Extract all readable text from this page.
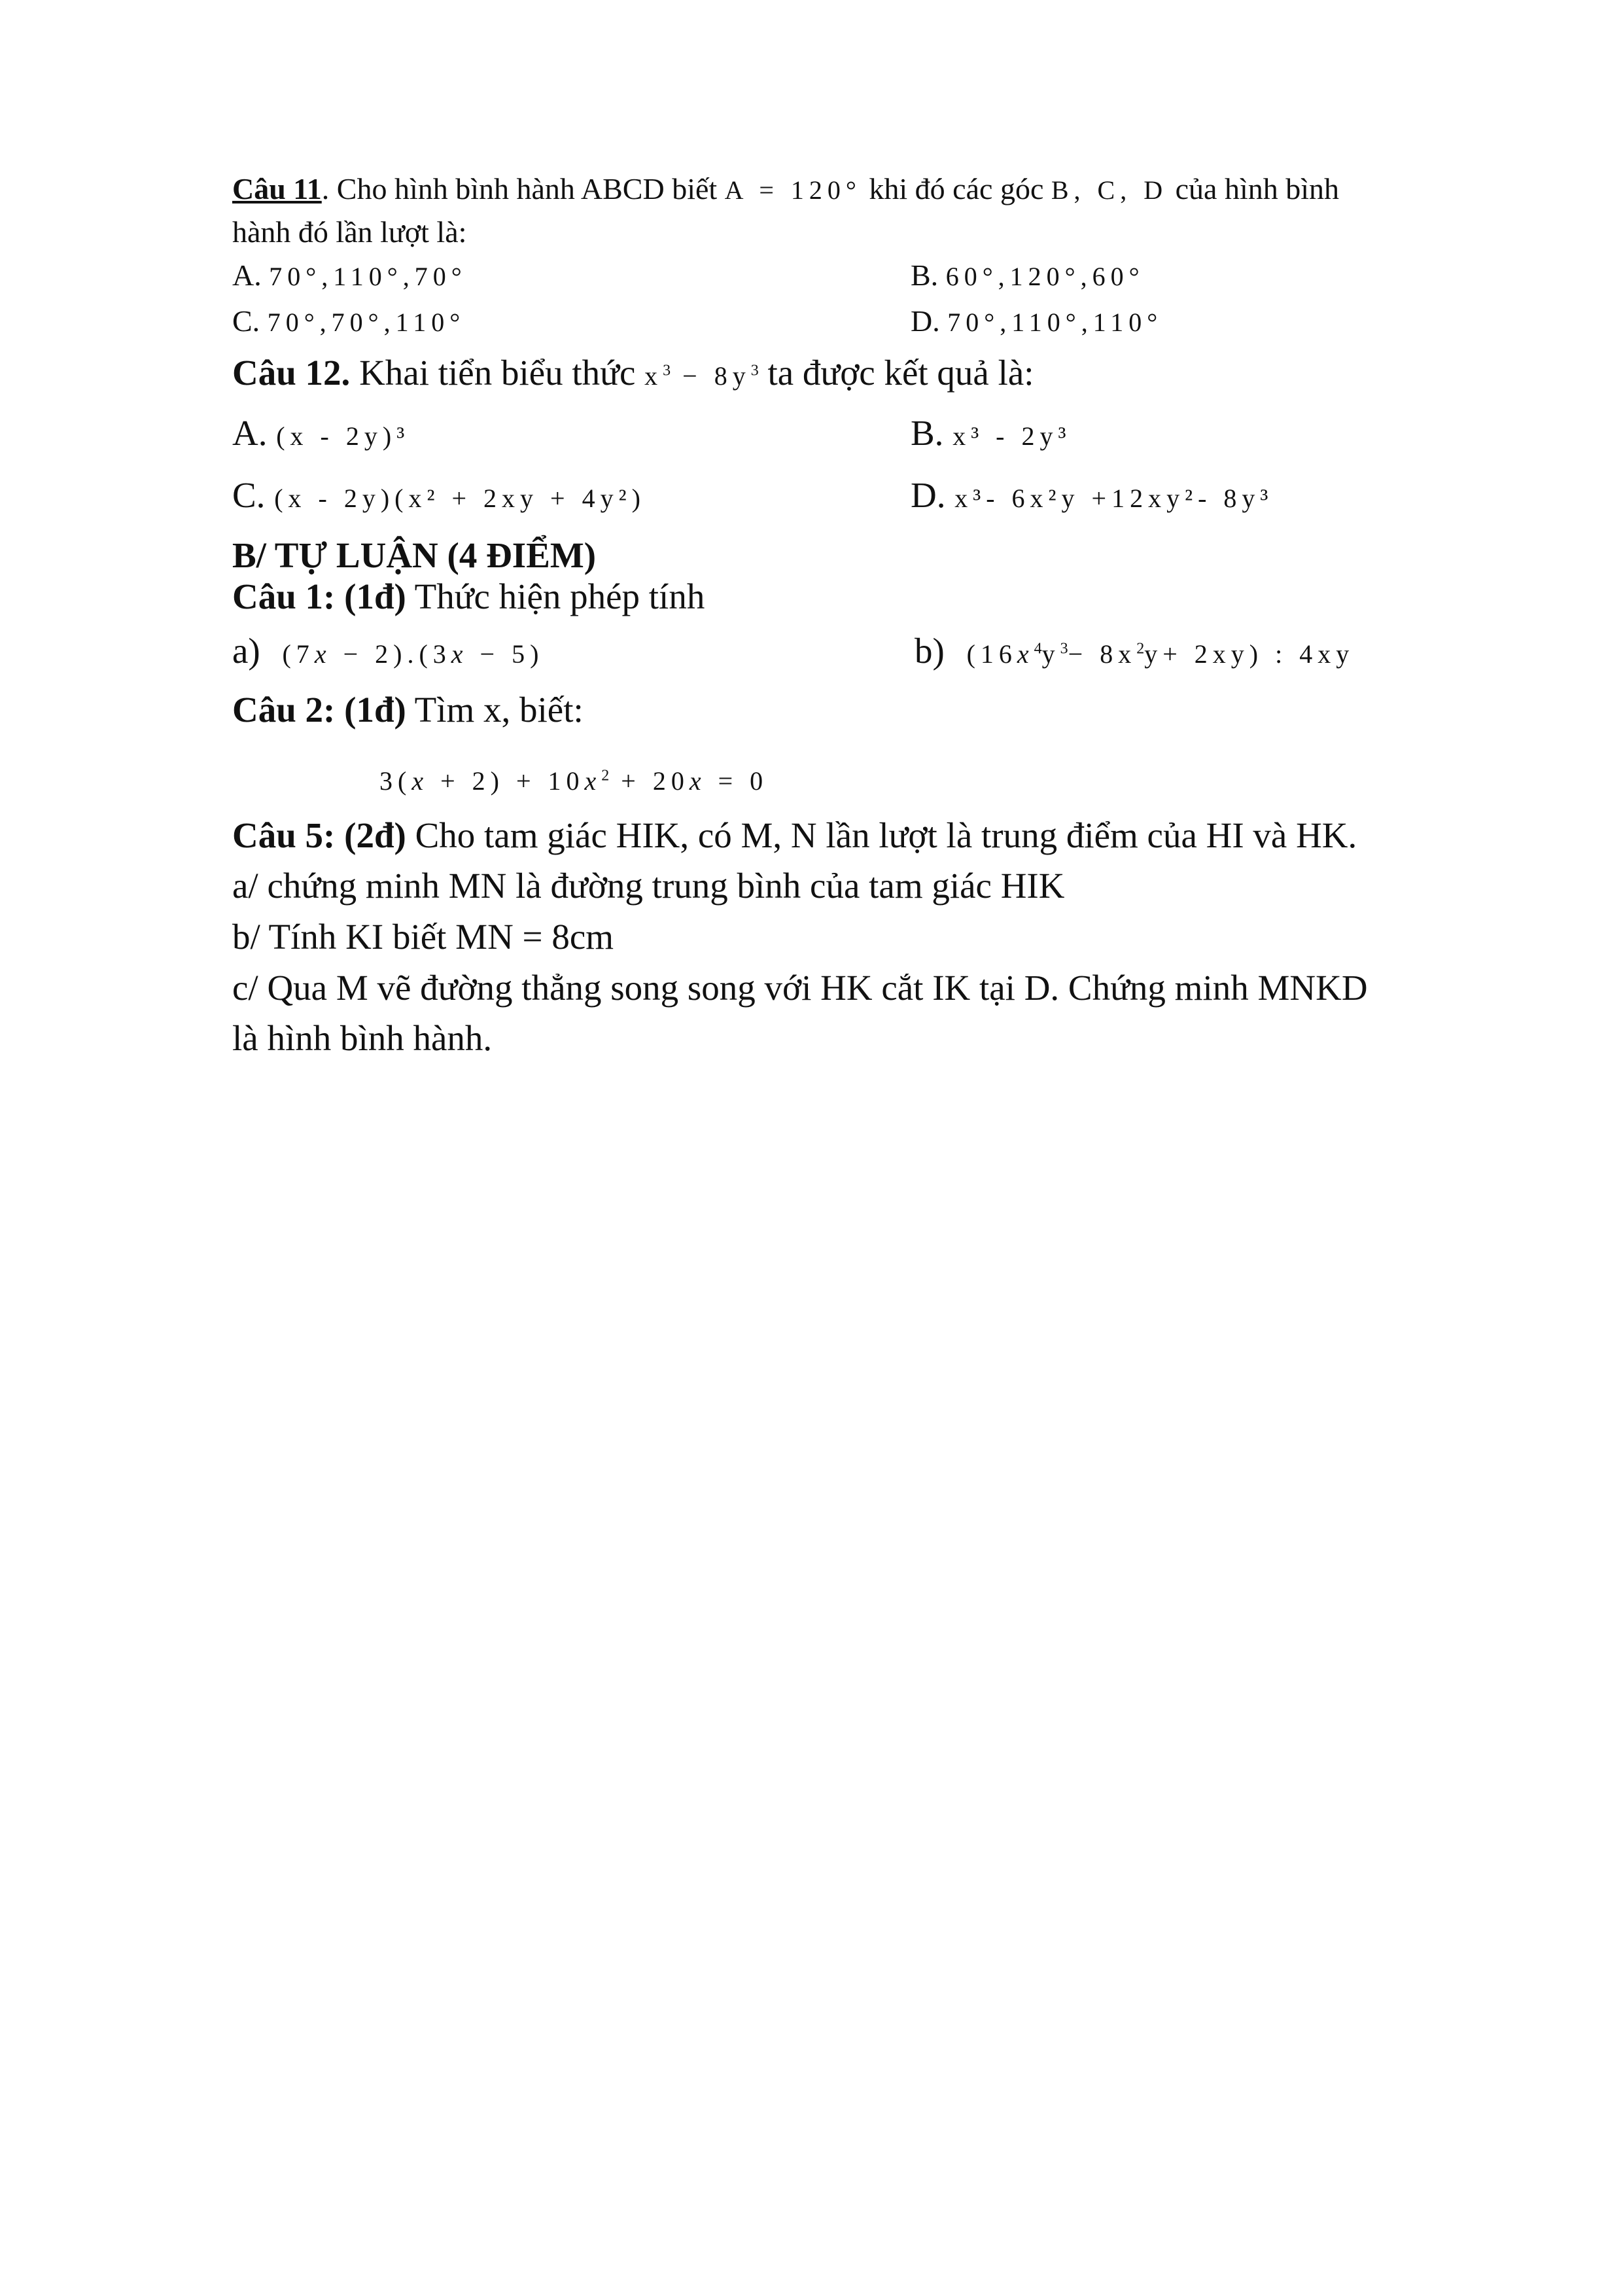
Câu 11. Cho hình bình hành ABCD biết A = 120° khi đó các góc B, C, D của hình bình
hành đó lần lượt là:
A. 70°,110°,70°	B. 60°,120°,60°
C. 70°,70°,110°	D. 70°,110°,110°
Câu 12. Khai tiển biểu thức $x^3 - 8y^3$ ta được kết quả là:
A. (x - 2y)³	B. x³ - 2y³
C. (x - 2y)(x² + 2xy + 4y²)	D. x³- 6x²y +12xy²- 8y³
B/ TỰ LUẬN (4 ĐIỂM)
Câu 1: (1đ) Thức hiện phép tính
a) (7x − 2).(3x − 5)	b) $(16x^4y^3- 8x^2y+ 2xy)$ : 4xy
Câu 2: (1đ) Tìm x, biết:
$3(x + 2) + 10x^2 + 20x = 0$
Câu 5: (2đ) Cho tam giác HIK, có M, N lần lượt là trung điểm của HI và HK.
a/ chứng minh MN là đường trung bình của tam giác HIK
b/ Tính KI biết MN = 8cm
c/ Qua M vẽ đường thẳng song song với HK cắt IK tại D. Chứng minh MNKD
là hình bình hành.
